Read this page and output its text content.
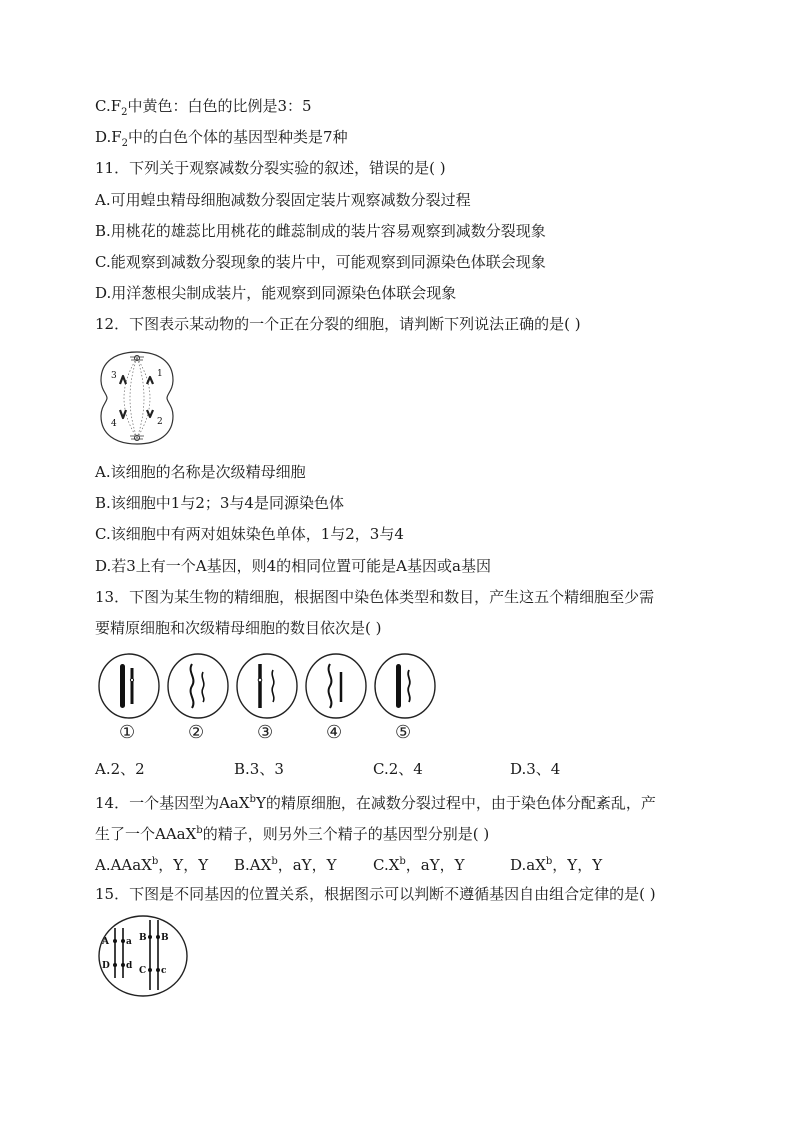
$C.F_2$中黄色：白色的比例是3：5
$D.F_2$中的白色个体的基因型种类是7种
11．下列关于观察减数分裂实验的叙述，错误的是( )
A.可用蝗虫精母细胞减数分裂固定装片观察减数分裂过程
B.用桃花的雄蕊比用桃花的雌蕊制成的装片容易观察到减数分裂现象
C.能观察到减数分裂现象的装片中，可能观察到同源染色体联会现象
D.用洋葱根尖制成装片，能观察到同源染色体联会现象
12．下图表示某动物的一个正在分裂的细胞，请判断下列说法正确的是( )
3	1
4	2
A.该细胞的名称是次级精母细胞
B.该细胞中1与2；3与4是同源染色体
C.该细胞中有两对姐妹染色单体，1与2，3与4
D.若3上有一个A基因，则4的相同位置可能是A基因或a基因
13．下图为某生物的精细胞，根据图中染色体类型和数目，产生这五个精细胞至少需
要精原细胞和次级精母细胞的数目依次是( )
①	②	③	④	⑤
A.2、2	B.3、3	C.2、4	D.3、4
14．一个基因型为AaX$^b$Y的精原细胞，在减数分裂过程中，由于染色体分配紊乱，产
生了一个AAaX$^b$的精子，则另外三个精子的基因型分别是( )
A.AAaX$^b$，Y，Y $B.AX^b$，aY，Y $C.X^b$，aY，Y	$D.aX^b$，Y，Y
15．下图是不同基因的位置关系，根据图示可以判断不遵循基因自由组合定律的是( )
A a
D d
B B
C c
